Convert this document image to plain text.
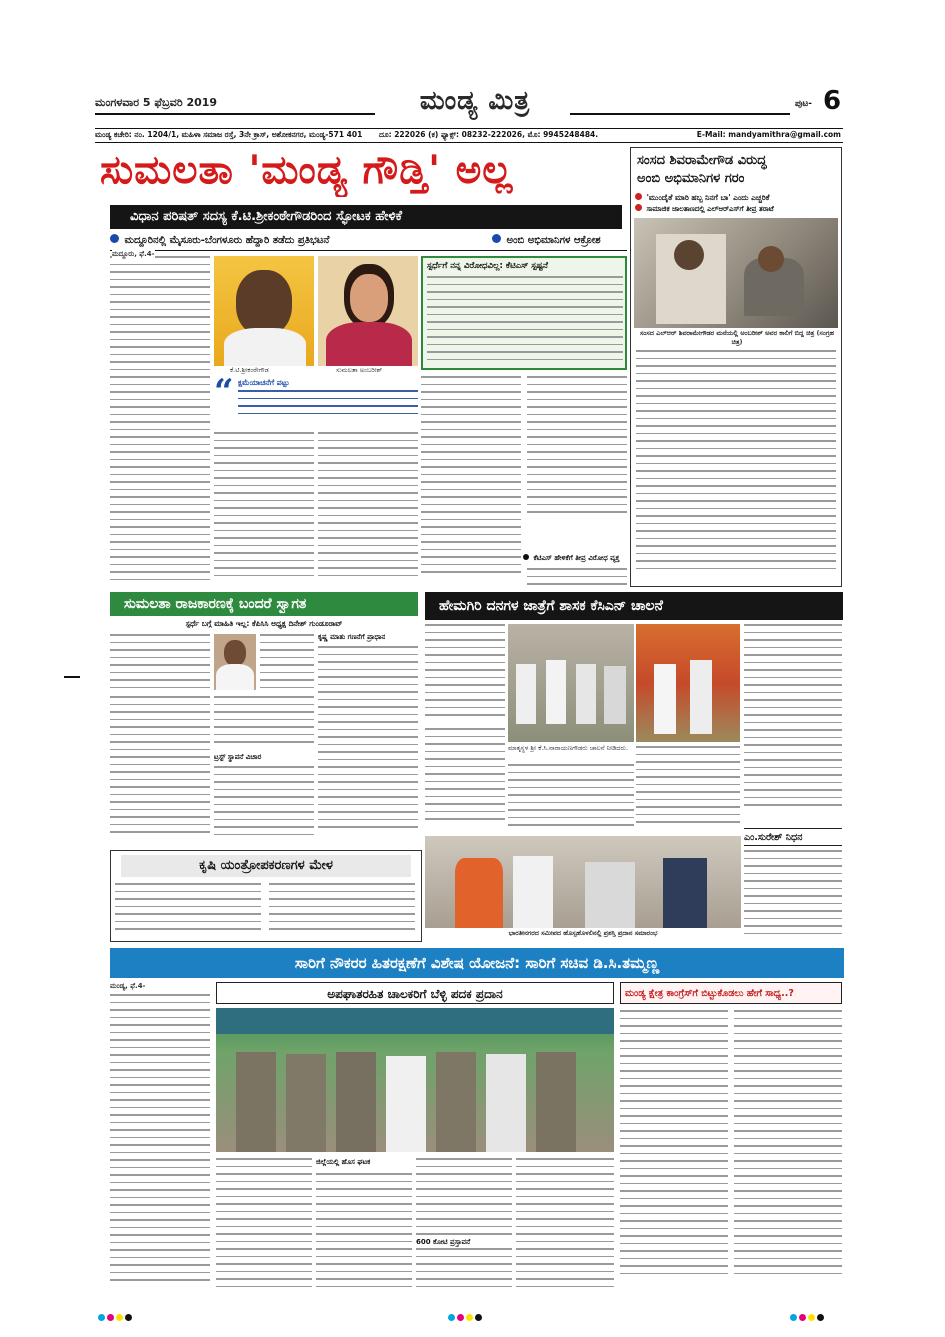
ಮಂಗಳವಾರ 5 ಫೆಬ್ರವರಿ 2019	ಮಂಡ್ಯ ಮಿತ್ರ	ಪುಟ- 6
ಮಂಡ್ಯ ಕಚೇರಿ: ನಂ. 1204/1, ಮಹಿಳಾ ಸಮಾಜ ರಸ್ತೆ, 3ನೇ ಕ್ರಾಸ್, ಅಶೋಕನಗರ, ಮಂಡ್ಯ-571 401 ದೂ: 222026 (ಕ) ಫ್ಯಾಕ್ಸ್: 08232-222026, ಮೊ: 9945248484.	E-Mail: mandyamithra@gmail.com
ಸುಮಲತಾ 'ಮಂಡ್ಯ ಗೌಡ್ತಿ' ಅಲ್ಲ
ವಿಧಾನ ಪರಿಷತ್ ಸದಸ್ಯ ಕೆ.ಟಿ.ಶ್ರೀಕಂಠೇಗೌಡರಿಂದ ಸ್ಫೋಟಕ ಹೇಳಿಕೆ
ಮದ್ದೂರಿನಲ್ಲಿ ಮೈಸೂರು-ಬೆಂಗಳೂರು ಹೆದ್ದಾರಿ ತಡೆದು ಪ್ರತಿಭಟನೆ	ಅಂಬಿ ಅಭಿಮಾನಿಗಳ ಆಕ್ರೋಶ
ಮದ್ದೂರು, ಫೆ.4-
ಕೆ.ಟಿ.ಶ್ರೀಕಂಠೇಗೌಡ	ಸುಮಲತಾ ಅಂಬರೀಶ್
“ ಕ್ಷಮೆಯಾಚನೆಗೆ ಪಟ್ಟು
ಸ್ಪರ್ಧೆಗೆ ನನ್ನ ವಿರೋಧವಿಲ್ಲ: ಕೆಟಿಎಸ್ ಸ್ಪಷ್ಟನೆ
ಕೆಟಿಎಸ್ ಹೇಳಿಕೆಗೆ ತೀವ್ರ ವಿರೋಧ ವ್ಯಕ್ತ
ಸಂಸದ ಶಿವರಾಮೇಗೌಡ ವಿರುದ್ಧ
ಅಂಬಿ ಅಭಿಮಾನಿಗಳ ಗರಂ
'ಮುಂದೈತೆ ಮಾರಿ ಹಬ್ಬ ನಿನಗೆ ಬಾ' ಎಂದು ಎಚ್ಚರಿಕೆ
ಸಾಮಾಜಿಕ ಜಾಲತಾಣದಲ್ಲಿ ಎಲ್‌ಆರ್‌ಎಸ್‌ಗೆ ತೀವ್ರ ತರಾಟೆ
ಸಂಸದ ಎಲ್‌ಆರ್ ಶಿವರಾಮೇಗೌಡರ ಮನೆಯಲ್ಲಿ ಅಂಬರೀಶ್ ಅವರ ಕಾಲಿಗೆ ಬಿದ್ದ ಚಿತ್ರ (ಸಂಗ್ರಹ ಚಿತ್ರ)
ಸುಮಲತಾ ರಾಜಕಾರಣಕ್ಕೆ ಬಂದರೆ ಸ್ವಾಗತ
ಸ್ಪರ್ಧೆ ಬಗ್ಗೆ ಮಾಹಿತಿ ಇಲ್ಲ: ಕೆಪಿಸಿಸಿ ಅಧ್ಯಕ್ಷ ದಿನೇಶ್ ಗುಂಡೂರಾವ್
ಕೃಷ್ಣ ಮಾತು ಗಣನೆಗೆ ಪ್ರಾಧಾನ
ಟ್ರಸ್ಟ್ ಸ್ಥಾಪನೆ ವಿಚಾರ
ಕೃಷಿ ಯಂತ್ರೋಪಕರಣಗಳ ಮೇಳ
ಹೇಮಗಿರಿ ದನಗಳ ಜಾತ್ರೆಗೆ ಶಾಸಕ ಕೆಸಿಎನ್ ಚಾಲನೆ
ಮಾತೃಸ್ಥಳ ಶ್ರೀ ಕೆ.ಸಿ.ನಾರಾಯಣಗೌಡರು ಚಾಲನೆ ನೀಡಿದರು.
ಎಂ.ಸುರೇಶ್ ನಿಧನ
ಭಾರತೀನಗರದ ಸಮೀಪದ ಹೊಸ್ಸಹೊಳಲಿನಲ್ಲಿ ಪ್ರಶಸ್ತಿ ಪ್ರದಾನ ಸಮಾರಂಭ
ಸಾರಿಗೆ ನೌಕರರ ಹಿತರಕ್ಷಣೆಗೆ ವಿಶೇಷ ಯೋಜನೆ: ಸಾರಿಗೆ ಸಚಿವ ಡಿ.ಸಿ.ತಮ್ಮಣ್ಣ
ಅಪಘಾತರಹಿತ ಚಾಲಕರಿಗೆ ಬೆಳ್ಳಿ ಪದಕ ಪ್ರದಾನ	ಮಂಡ್ಯ ಕ್ಷೇತ್ರ ಕಾಂಗ್ರೆಸ್‌ಗೆ ಬಿಟ್ಟುಕೊಡಲು ಹೇಗೆ ಸಾಧ್ಯ..?
ಮಂಡ್ಯ, ಫೆ.4-
ಜಿಲ್ಲೆಯಲ್ಲಿ ಹೊಸ ಘಟಕ
600 ಕೋಟಿ ಪ್ರಸ್ತಾವನೆ
